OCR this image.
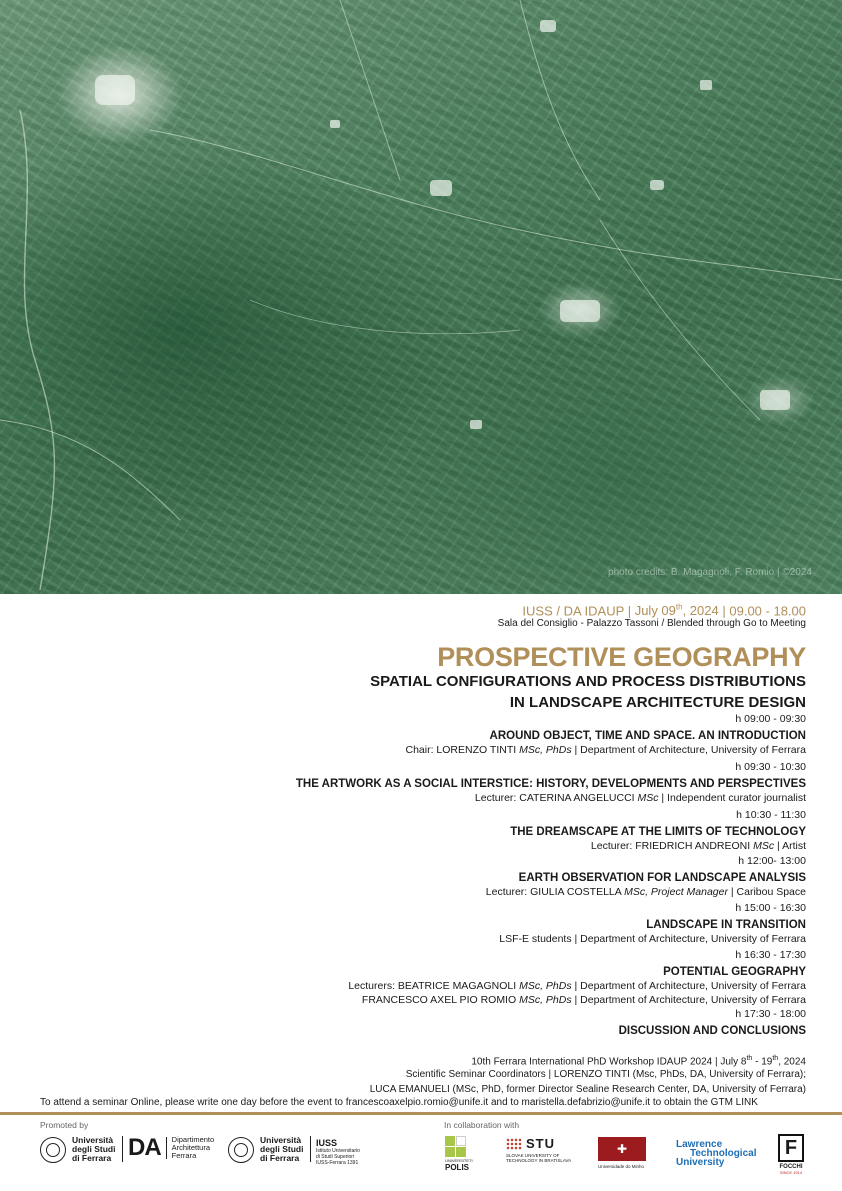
photo credits: B. Magagnoli, F. Romio | ©2024
IUSS / DA IDAUP | July 09th, 2024 | 09.00 - 18.00
Sala del Consiglio - Palazzo Tassoni / Blended through Go to Meeting
PROSPECTIVE GEOGRAPHY
SPATIAL CONFIGURATIONS AND PROCESS DISTRIBUTIONS
IN LANDSCAPE ARCHITECTURE DESIGN
h 09:00 - 09:30
AROUND OBJECT, TIME AND SPACE. AN INTRODUCTION
Chair: LORENZO TINTI MSc, PhDs | Department of Architecture, University of Ferrara
h 09:30 - 10:30
THE ARTWORK AS A SOCIAL INTERSTICE: HISTORY, DEVELOPMENTS AND PERSPECTIVES
Lecturer: CATERINA ANGELUCCI MSc | Independent curator journalist
h 10:30 - 11:30
THE DREAMSCAPE AT THE LIMITS OF TECHNOLOGY
Lecturer: FRIEDRICH ANDREONI MSc | Artist
h 12:00- 13:00
EARTH OBSERVATION FOR LANDSCAPE ANALYSIS
Lecturer: GIULIA COSTELLA MSc, Project Manager | Caribou Space
h 15:00 - 16:30
LANDSCAPE IN TRANSITION
LSF-E students | Department of Architecture, University of Ferrara
h 16:30 - 17:30
POTENTIAL GEOGRAPHY
Lecturers: BEATRICE MAGAGNOLI MSc, PhDs | Department of Architecture, University of Ferrara
FRANCESCO AXEL PIO ROMIO MSc, PhDs | Department of Architecture, University of Ferrara
h 17:30 - 18:00
DISCUSSION AND CONCLUSIONS
10th Ferrara International PhD Workshop IDAUP 2024 | July 8th - 19th, 2024
Scientific Seminar Coordinators | LORENZO TINTI (Msc, PhDs, DA, University of Ferrara);
LUCA EMANUELI (MSc, PhD, former Director Sealine Research Center, DA, University of Ferrara)
To attend a seminar Online, please write one day before the event to francescoaxelpio.romio@unife.it and to maristella.defabrizio@unife.it to obtain the GTM LINK
Promoted by	In collaboration with
Università
degli Studi
di Ferrara DA Dipartimento
Architettura
Ferrara
Università
degli Studi
di Ferrara
IUSS
Istituto Universitario
di Studi Superiori
IUSS-Ferrara 1391	UNIVERSITETI
POLIS
STU
SLOVAK UNIVERSITY OF
TECHNOLOGY IN BRATISLAVA
✚
Universidade do Minho
Lawrence
Technological
University
F
FOCCHI
SINCE 1914
